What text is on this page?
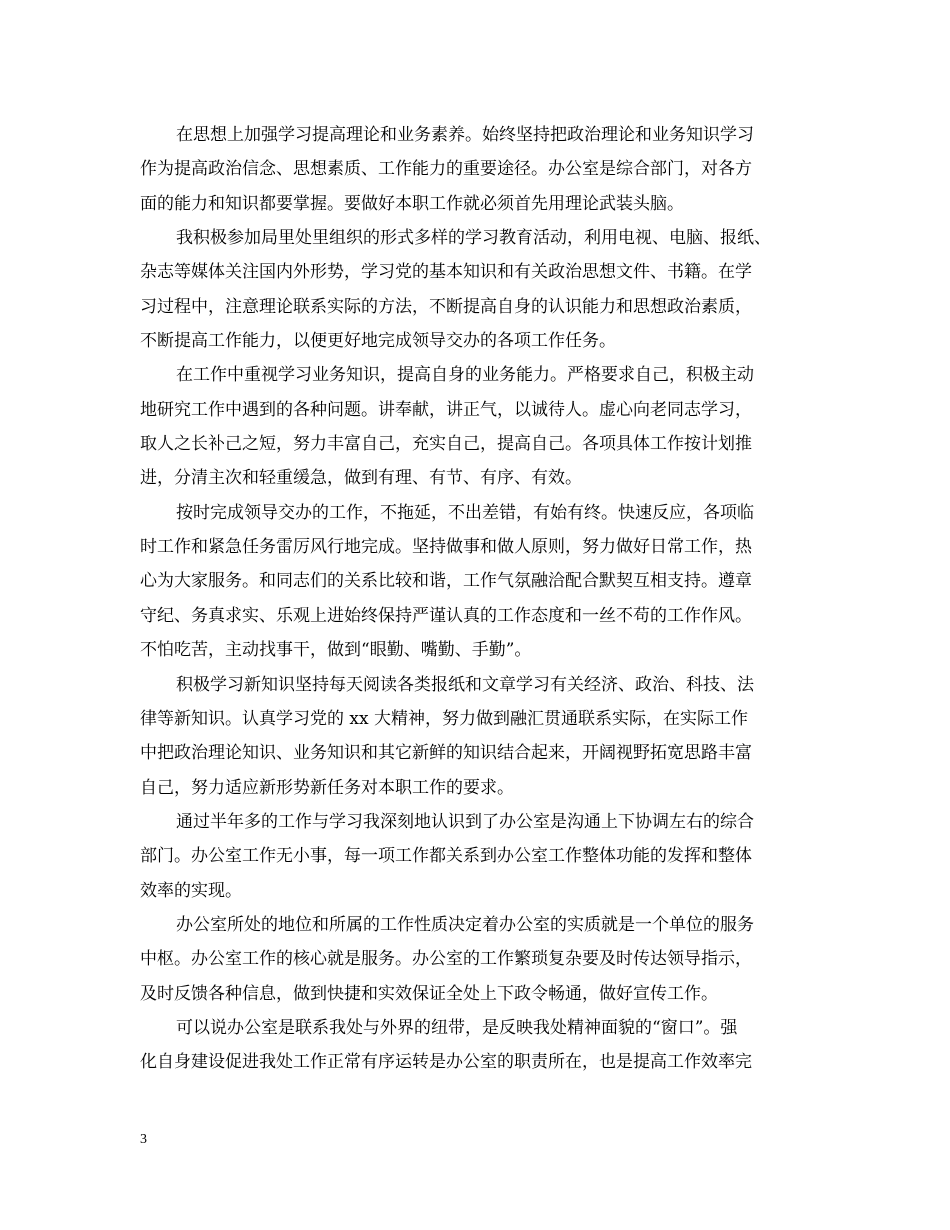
在思想上加强学习提高理论和业务素养。始终坚持把政治理论和业务知识学习
作为提高政治信念、思想素质、工作能力的重要途径。办公室是综合部门，对各方
面的能力和知识都要掌握。要做好本职工作就必须首先用理论武装头脑。
我积极参加局里处里组织的形式多样的学习教育活动，利用电视、电脑、报纸、
杂志等媒体关注国内外形势，学习党的基本知识和有关政治思想文件、书籍。在学
习过程中，注意理论联系实际的方法，不断提高自身的认识能力和思想政治素质，
不断提高工作能力，以便更好地完成领导交办的各项工作任务。
在工作中重视学习业务知识，提高自身的业务能力。严格要求自己，积极主动
地研究工作中遇到的各种问题。讲奉献，讲正气，以诚待人。虚心向老同志学习，
取人之长补己之短，努力丰富自己，充实自己，提高自己。各项具体工作按计划推
进，分清主次和轻重缓急，做到有理、有节、有序、有效。
按时完成领导交办的工作，不拖延，不出差错，有始有终。快速反应，各项临
时工作和紧急任务雷厉风行地完成。坚持做事和做人原则，努力做好日常工作，热
心为大家服务。和同志们的关系比较和谐，工作气氛融洽配合默契互相支持。遵章
守纪、务真求实、乐观上进始终保持严谨认真的工作态度和一丝不苟的工作作风。
不怕吃苦，主动找事干，做到“眼勤、嘴勤、手勤”。
积极学习新知识坚持每天阅读各类报纸和文章学习有关经济、政治、科技、法
律等新知识。认真学习党的 xx 大精神，努力做到融汇贯通联系实际，在实际工作
中把政治理论知识、业务知识和其它新鲜的知识结合起来，开阔视野拓宽思路丰富
自己，努力适应新形势新任务对本职工作的要求。
通过半年多的工作与学习我深刻地认识到了办公室是沟通上下协调左右的综合
部门。办公室工作无小事，每一项工作都关系到办公室工作整体功能的发挥和整体
效率的实现。
办公室所处的地位和所属的工作性质决定着办公室的实质就是一个单位的服务
中枢。办公室工作的核心就是服务。办公室的工作繁琐复杂要及时传达领导指示，
及时反馈各种信息，做到快捷和实效保证全处上下政令畅通，做好宣传工作。
可以说办公室是联系我处与外界的纽带，是反映我处精神面貌的“窗口”。强
化自身建设促进我处工作正常有序运转是办公室的职责所在，也是提高工作效率完
3
